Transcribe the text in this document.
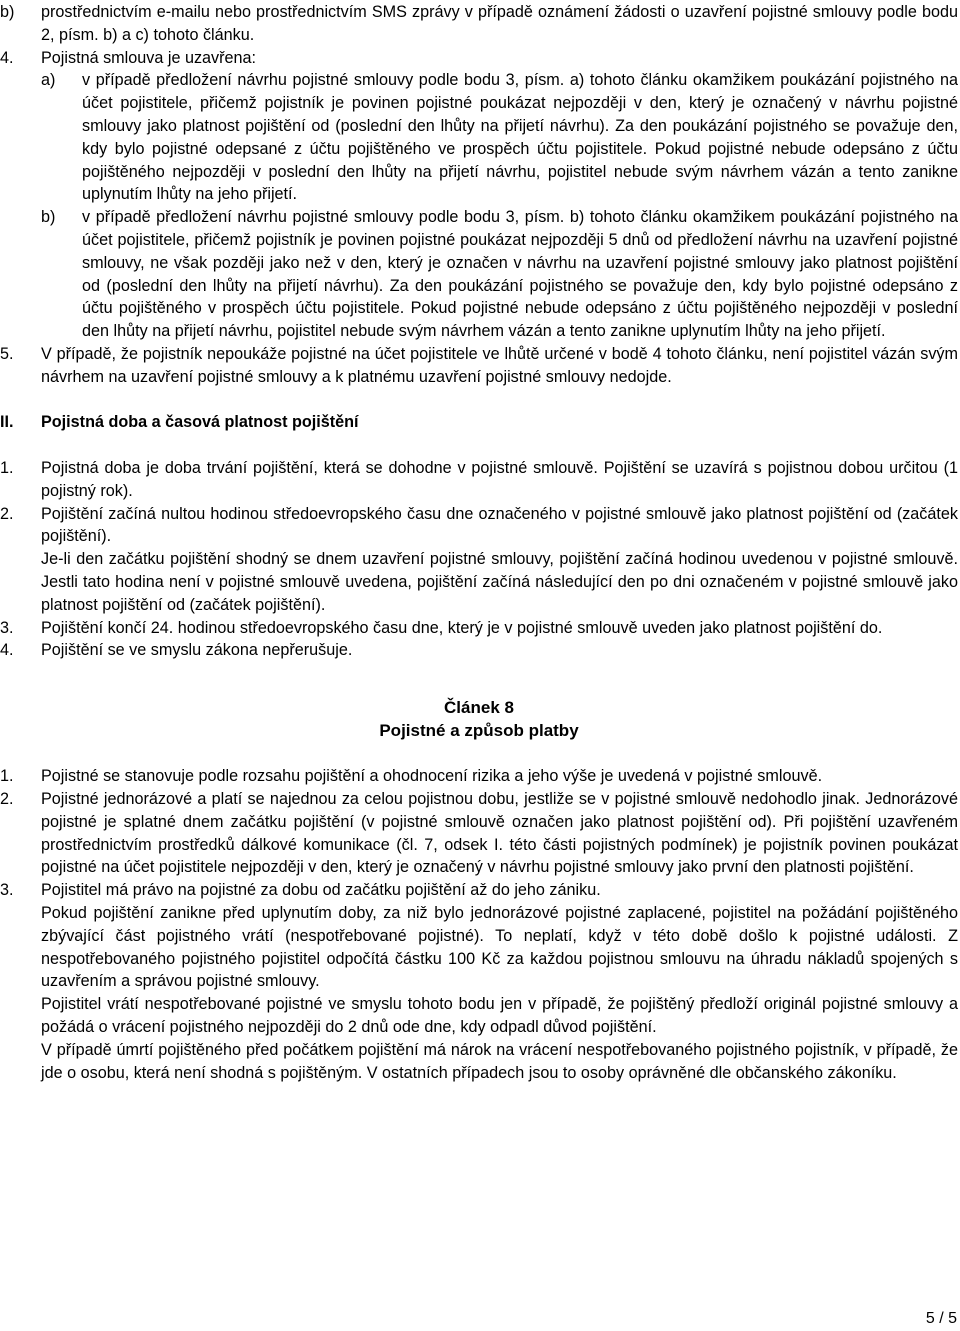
b)	prostřednictvím e-mailu nebo prostřednictvím SMS zprávy v případě oznámení žádosti o uzavření pojistné smlouvy podle bodu 2, písm. b) a c) tohoto článku.

4.	Pojistná smlouva je uzavřena:

a)	v případě předložení návrhu pojistné smlouvy podle bodu 3, písm. a) tohoto článku okamžikem poukázání pojistného na účet pojistitele, přičemž pojistník je povinen pojistné poukázat nejpozději v den, který je označený v návrhu pojistné smlouvy jako platnost pojištění od (poslední den lhůty na přijetí návrhu). Za den poukázání pojistného se považuje den, kdy bylo pojistné odepsané z účtu pojištěného ve prospěch účtu pojistitele. Pokud pojistné nebude odepsáno z účtu pojištěného nejpozději v poslední den lhůty na přijetí návrhu, pojistitel nebude svým návrhem vázán a tento zanikne uplynutím lhůty na jeho přijetí.

b)	v případě předložení návrhu pojistné smlouvy podle bodu 3, písm. b) tohoto článku okamžikem poukázání pojistného na účet pojistitele, přičemž pojistník je povinen pojistné poukázat nejpozději 5 dnů od předložení návrhu na uzavření pojistné smlouvy, ne však později jako než v den, který je označen v návrhu na uzavření pojistné smlouvy jako platnost pojištění od (poslední den lhůty na přijetí návrhu). Za den poukázání pojistného se považuje den, kdy bylo pojistné odepsáno z účtu pojištěného v prospěch účtu pojistitele. Pokud pojistné nebude odepsáno z účtu pojištěného nejpozději v poslední den lhůty na přijetí návrhu, pojistitel nebude svým návrhem vázán a tento zanikne uplynutím lhůty na jeho přijetí.

5.	V případě, že pojistník nepoukáže pojistné na účet pojistitele ve lhůtě určené v bodě 4 tohoto článku, není pojistitel vázán svým návrhem na uzavření pojistné smlouvy a k platnému uzavření pojistné smlouvy nedojde.

II.	Pojistná doba a časová platnost pojištění
1.	Pojistná doba je doba trvání pojištění, která se dohodne v pojistné smlouvě. Pojištění se uzavírá s pojistnou dobou určitou (1 pojistný rok).

2.	Pojištění začíná nultou hodinou středoevropského času dne označeného v pojistné smlouvě jako platnost pojištění od (začátek pojištění).

Je-li den začátku pojištění shodný se dnem uzavření pojistné smlouvy, pojištění začíná hodinou uvedenou v pojistné smlouvě. Jestli tato hodina není v pojistné smlouvě uvedena, pojištění začíná následující den po dni označeném v pojistné smlouvě jako platnost pojištění od (začátek pojištění).

3.	Pojištění končí 24. hodinou středoevropského času dne, který je v pojistné smlouvě uveden jako platnost pojištění do.

4.	Pojištění se ve smyslu zákona nepřerušuje.

Článek 8

Pojistné a způsob platby

1.	Pojistné se stanovuje podle rozsahu pojištění a ohodnocení rizika a jeho výše je uvedená v pojistné smlouvě.

2.	Pojistné jednorázové a platí se najednou za celou pojistnou dobu, jestliže se v pojistné smlouvě nedohodlo jinak. Jednorázové pojistné je splatné dnem začátku pojištění (v pojistné smlouvě označen jako platnost pojištění od). Při pojištění uzavřeném prostřednictvím prostředků dálkové komunikace (čl. 7, odsek I. této části pojistných podmínek) je pojistník povinen poukázat pojistné na účet pojistitele nejpozději v den, který je označený v návrhu pojistné smlouvy jako první den platnosti pojištění.

3.	Pojistitel má právo na pojistné za dobu od začátku pojištění až do jeho zániku.

Pokud pojištění zanikne před uplynutím doby, za niž bylo jednorázové pojistné zaplacené, pojistitel na požádání pojištěného zbývající část pojistného vrátí (nespotřebované pojistné). To neplatí, když v této době došlo k pojistné události. Z nespotřebovaného pojistného pojistitel odpočítá částku 100 Kč za každou pojistnou smlouvu na úhradu nákladů spojených s uzavřením a správou pojistné smlouvy.

Pojistitel vrátí nespotřebované pojistné ve smyslu tohoto bodu jen v případě, že pojištěný předloží originál pojistné smlouvy a požádá o vrácení pojistného nejpozději do 2 dnů ode dne, kdy odpadl důvod pojištění.

V případě úmrtí pojištěného před počátkem pojištění má nárok na vrácení nespotřebovaného pojistného pojistník, v případě, že jde o osobu, která není shodná s pojištěným. V ostatních případech jsou to osoby oprávněné dle občanského zákoníku.

5 / 5
